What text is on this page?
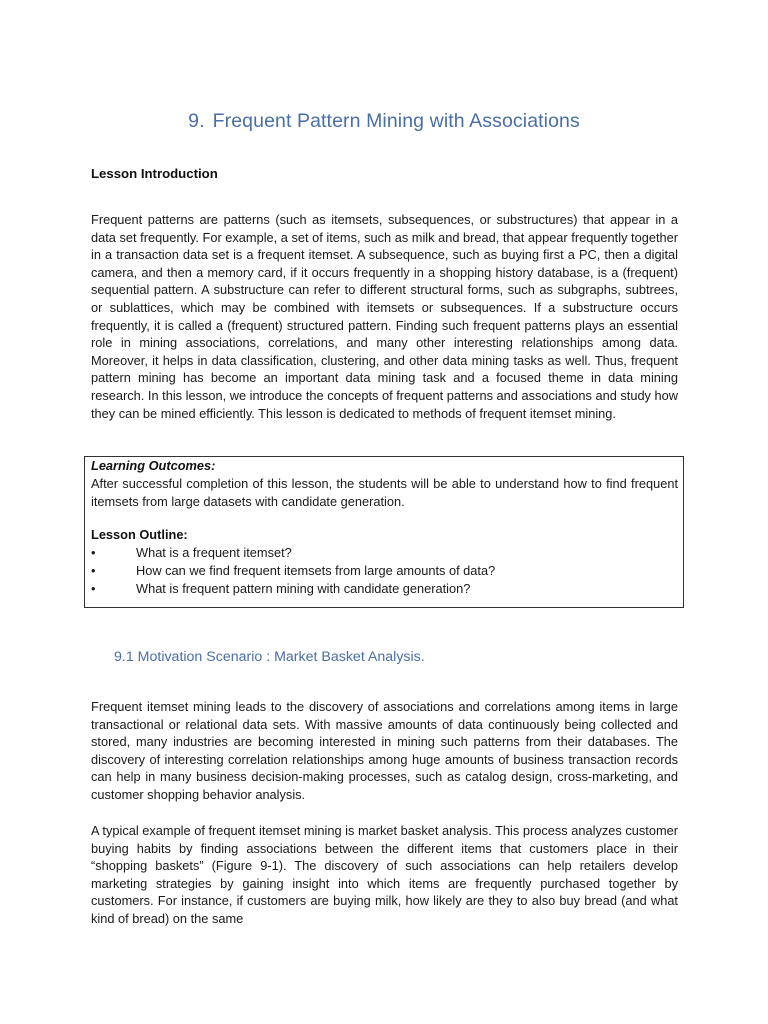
9. Frequent Pattern Mining with Associations
Lesson Introduction

Frequent patterns are patterns (such as itemsets, subsequences, or substructures) that appear in a data set frequently. For example, a set of items, such as milk and bread, that appear frequently together in a transaction data set is a frequent itemset. A subsequence, such as buying first a PC, then a digital camera, and then a memory card, if it occurs frequently in a shopping history database, is a (frequent) sequential pattern. A substructure can refer to different structural forms, such as subgraphs, subtrees, or sublattices, which may be combined with itemsets or subsequences. If a substructure occurs frequently, it is called a (frequent) structured pattern. Finding such frequent patterns plays an essential role in mining associations, correlations, and many other interesting relationships among data. Moreover, it helps in data classification, clustering, and other data mining tasks as well. Thus, frequent pattern mining has become an important data mining task and a focused theme in data mining research. In this lesson, we introduce the concepts of frequent patterns and associations and study how they can be mined efficiently. This lesson is dedicated to methods of frequent itemset mining.

Learning Outcomes:

After successful completion of this lesson, the students will be able to understand how to find frequent itemsets from large datasets with candidate generation.

Lesson Outline:
•	What is a frequent itemset?
•	How can we find frequent itemsets from large amounts of data?
•	What is frequent pattern mining with candidate generation?
9.1 Motivation Scenario : Market Basket Analysis.

Frequent itemset mining leads to the discovery of associations and correlations among items in large transactional or relational data sets. With massive amounts of data continuously being collected and stored, many industries are becoming interested in mining such patterns from their databases. The discovery of interesting correlation relationships among huge amounts of business transaction records can help in many business decision-making processes, such as catalog design, cross-marketing, and customer shopping behavior analysis.

A typical example of frequent itemset mining is market basket analysis. This process analyzes customer buying habits by finding associations between the different items that customers place in their “shopping baskets” (Figure 9-1). The discovery of such associations can help retailers develop marketing strategies by gaining insight into which items are frequently purchased together by customers. For instance, if customers are buying milk, how likely are they to also buy bread (and what kind of bread) on the same
